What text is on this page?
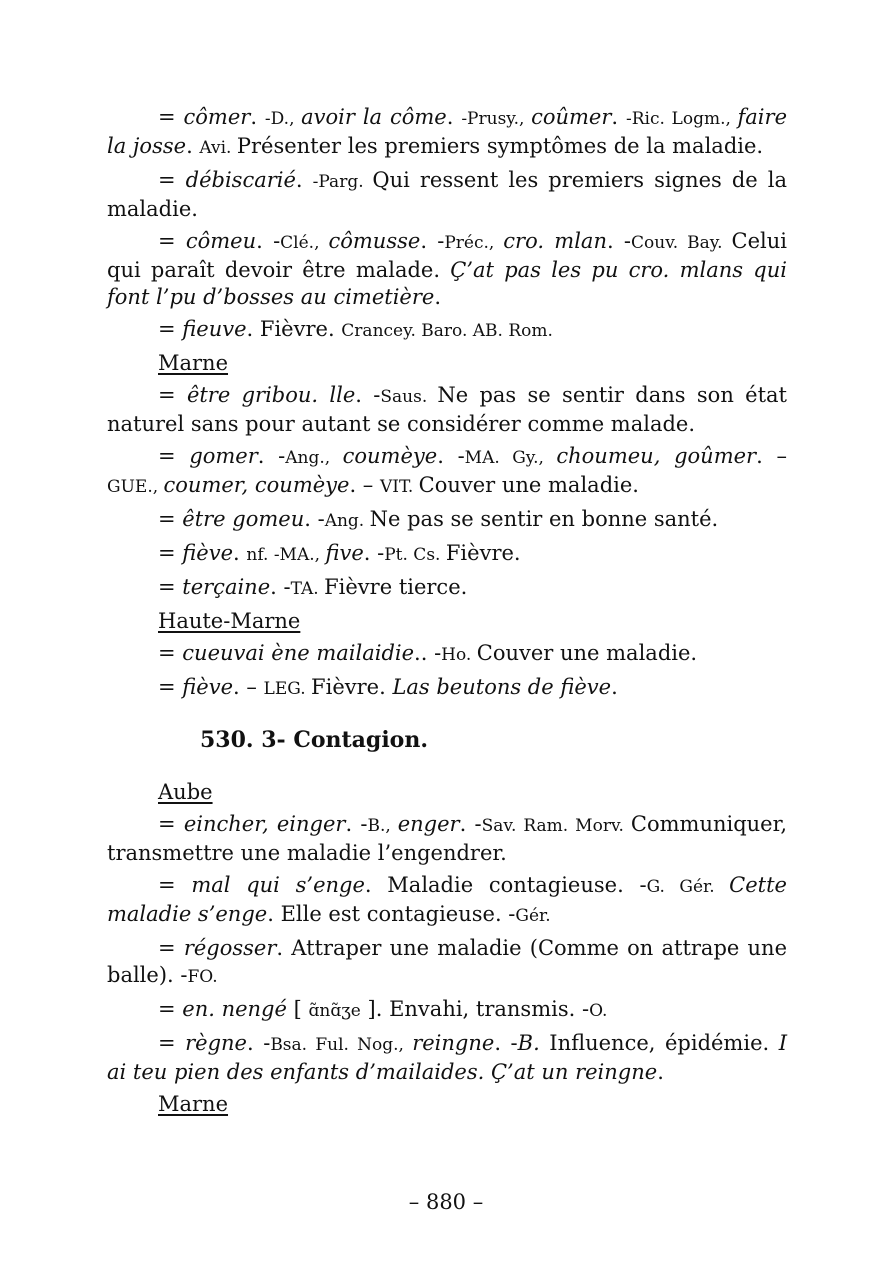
= cômer. -D., avoir la côme. -Prusy., coûmer. -Ric. Logm., faire la josse. Avi. Présenter les premiers symptômes de la maladie.

= débiscarié. -Parg. Qui ressent les premiers signes de la maladie.

= cômeu. -Clé., cômusse. -Préc., cro. mlan. -Couv. Bay. Celui qui paraît devoir être malade. Ç’at pas les pu cro. mlans qui font l’pu d’bosses au cimetière.

= fieuve. Fièvre. Crancey. Baro. AB. Rom.

Marne

= être gribou. lle. -Saus. Ne pas se sentir dans son état naturel sans pour autant se considérer comme malade.

= gomer. -Ang., coumèye. -MA. Gy., choumeu, goûmer. – GUE., coumer, coumèye. – VIT. Couver une maladie.

= être gomeu. -Ang. Ne pas se sentir en bonne santé.

= fiève. nf. -MA., five. -Pt. Cs. Fièvre.

= terçaine. -TA. Fièvre tierce.

Haute-Marne

= cueuvai ène mailaidie.. -Ho. Couver une maladie.

= fiève. – LEG. Fièvre. Las beutons de fiève.

530. 3- Contagion.
Aube

= eincher, einger. -B., enger. -Sav. Ram. Morv. Communiquer, transmettre une maladie l’engendrer.

= mal qui s’enge. Maladie contagieuse. -G. Gér. Cette maladie s’enge. Elle est contagieuse. -Gér.

= régosser. Attraper une maladie (Comme on attrape une balle). -FO.

= en. nengé [ ɑ̃nɑ̃ʒe ]. Envahi, transmis. -O.

= règne. -Bsa. Ful. Nog., reingne. -B. Influence, épidémie. I ai teu pien des enfants d’mailaides. Ç’at un reingne.

Marne
– 880 –
